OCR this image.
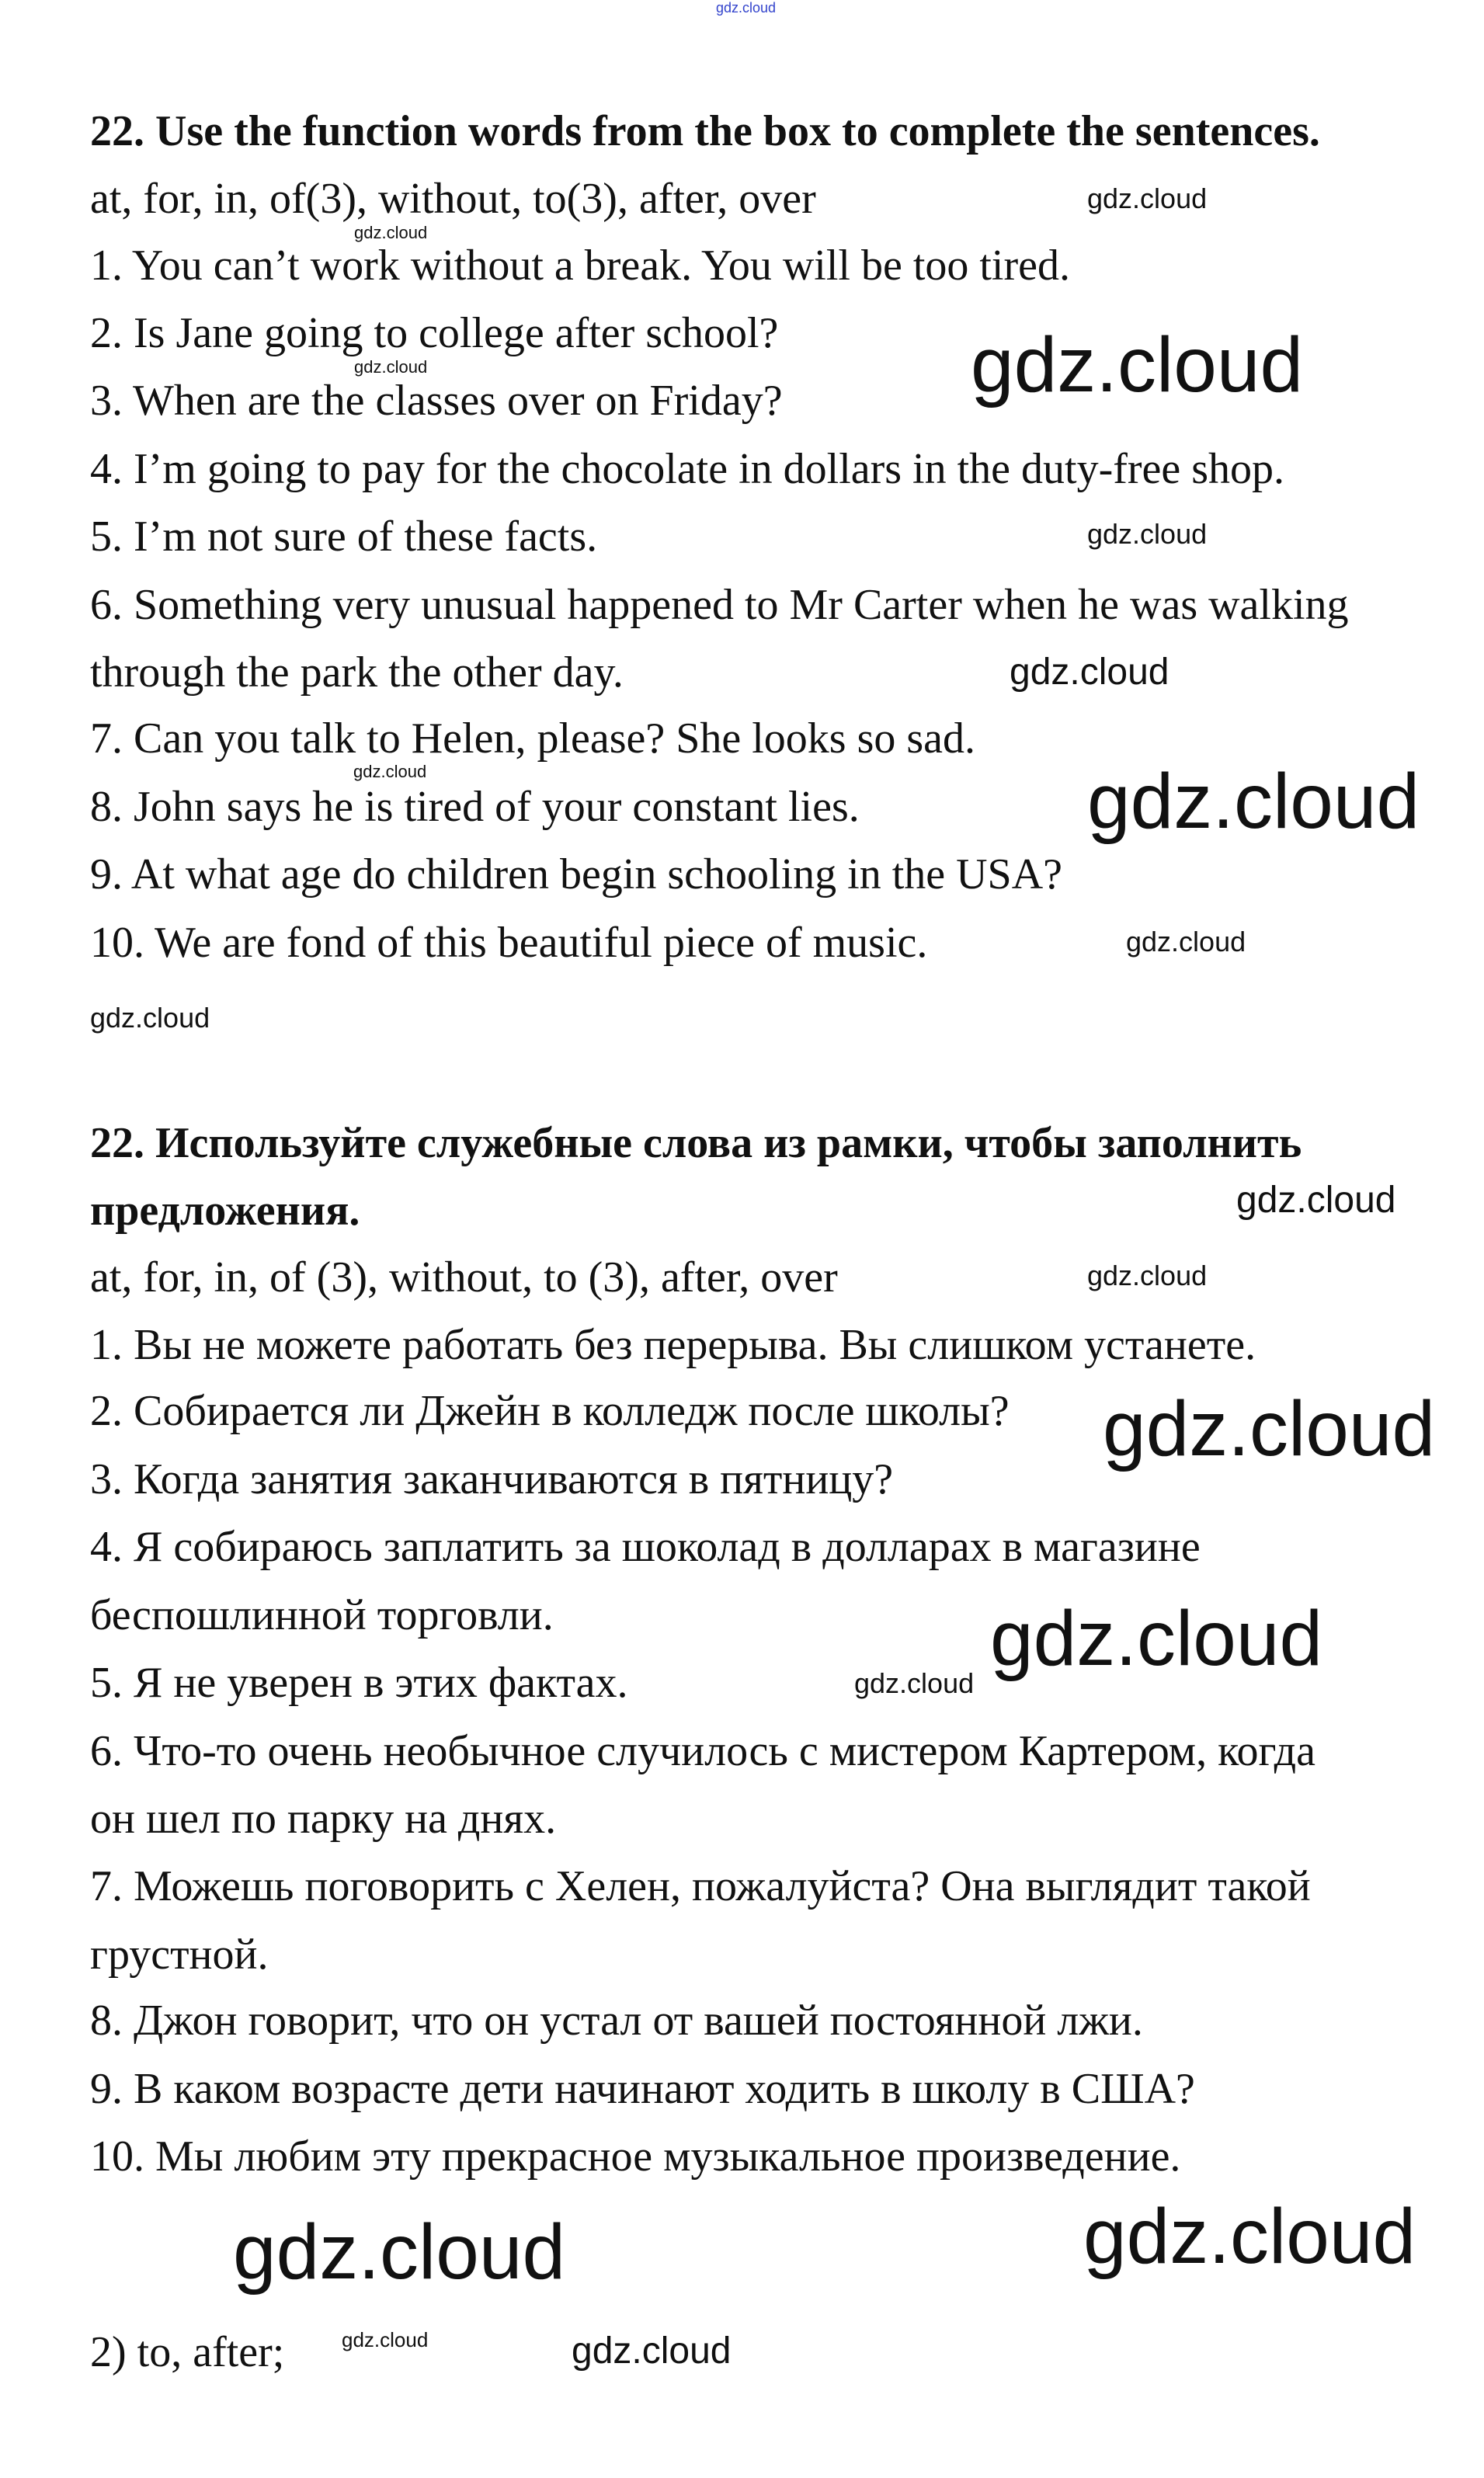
gdz.cloud
22. Use the function words from the box to complete the sentences.
at, for, in, of(3), without, to(3), after, over
1. You can’t work without a break. You will be too tired.
2. Is Jane going to college after school?
3. When are the classes over on Friday?
4. I’m going to pay for the chocolate in dollars in the duty-free shop.
5. I’m not sure of these facts.
6. Something very unusual happened to Mr Carter when he was walking
through the park the other day.
7. Can you talk to Helen, please? She looks so sad.
8. John says he is tired of your constant lies.
9. At what age do children begin schooling in the USA?
10. We are fond of this beautiful piece of music.
22. Используйте служебные слова из рамки, чтобы заполнить
предложения.
at, for, in, of (3), without, to (3), after, over
1. Вы не можете работать без перерыва. Вы слишком устанете.
2. Собирается ли Джейн в колледж после школы?
3. Когда занятия заканчиваются в пятницу?
4. Я собираюсь заплатить за шоколад в долларах в магазине
беспошлинной торговли.
5. Я не уверен в этих фактах.
6. Что-то очень необычное случилось с мистером Картером, когда
он шел по парку на днях.
7. Можешь поговорить с Хелен, пожалуйста? Она выглядит такой
грустной.
8. Джон говорит, что он устал от вашей постоянной лжи.
9. В каком возрасте дети начинают ходить в школу в США?
10. Мы любим эту прекрасное музыкальное произведение.
2) to, after;
gdz.cloud
gdz.cloud
gdz.cloud
gdz.cloud	gdz.cloud
gdz.cloud
gdz.cloud	gdz.cloud
gdz.cloud
gdz.cloud
gdz.cloud
gdz.cloud
gdz.cloud
gdz.cloud
gdz.cloud
gdz.cloud	gdz.cloud
gdz.cloud	gdz.cloud
